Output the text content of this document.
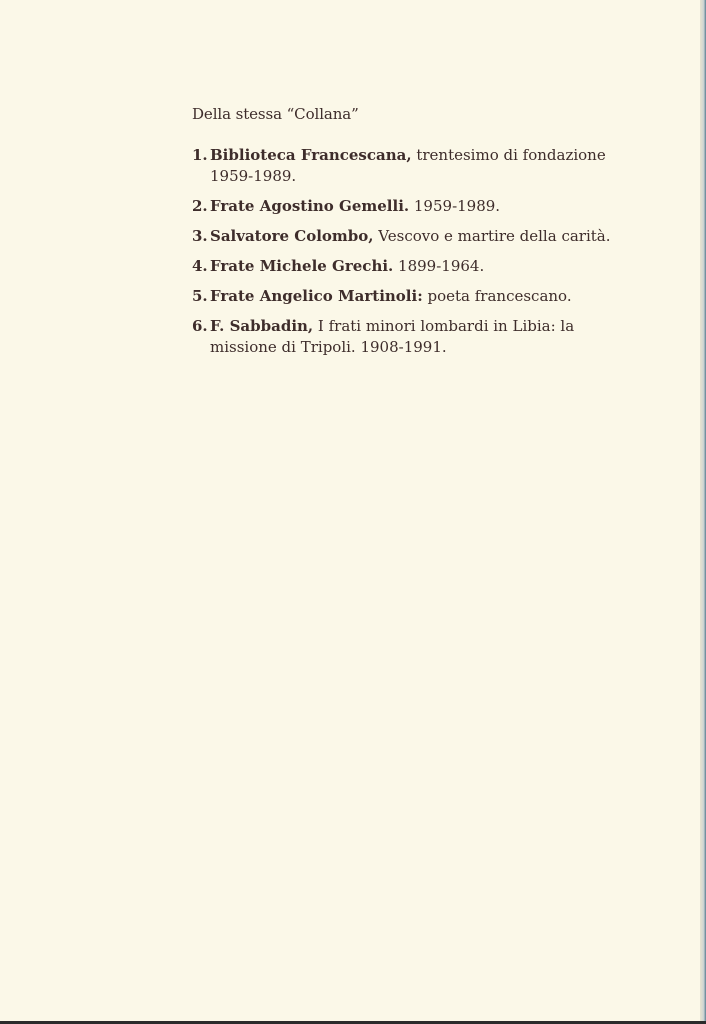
Della stessa “Collana”
1. Biblioteca Francescana, trentesimo di fondazione 1959-1989.
2. Frate Agostino Gemelli. 1959-1989.
3. Salvatore Colombo, Vescovo e martire della carità.
4. Frate Michele Grechi. 1899-1964.
5. Frate Angelico Martinoli: poeta francescano.
6. F. Sabbadin, I frati minori lombardi in Libia: la missione di Tripoli. 1908-1991.
